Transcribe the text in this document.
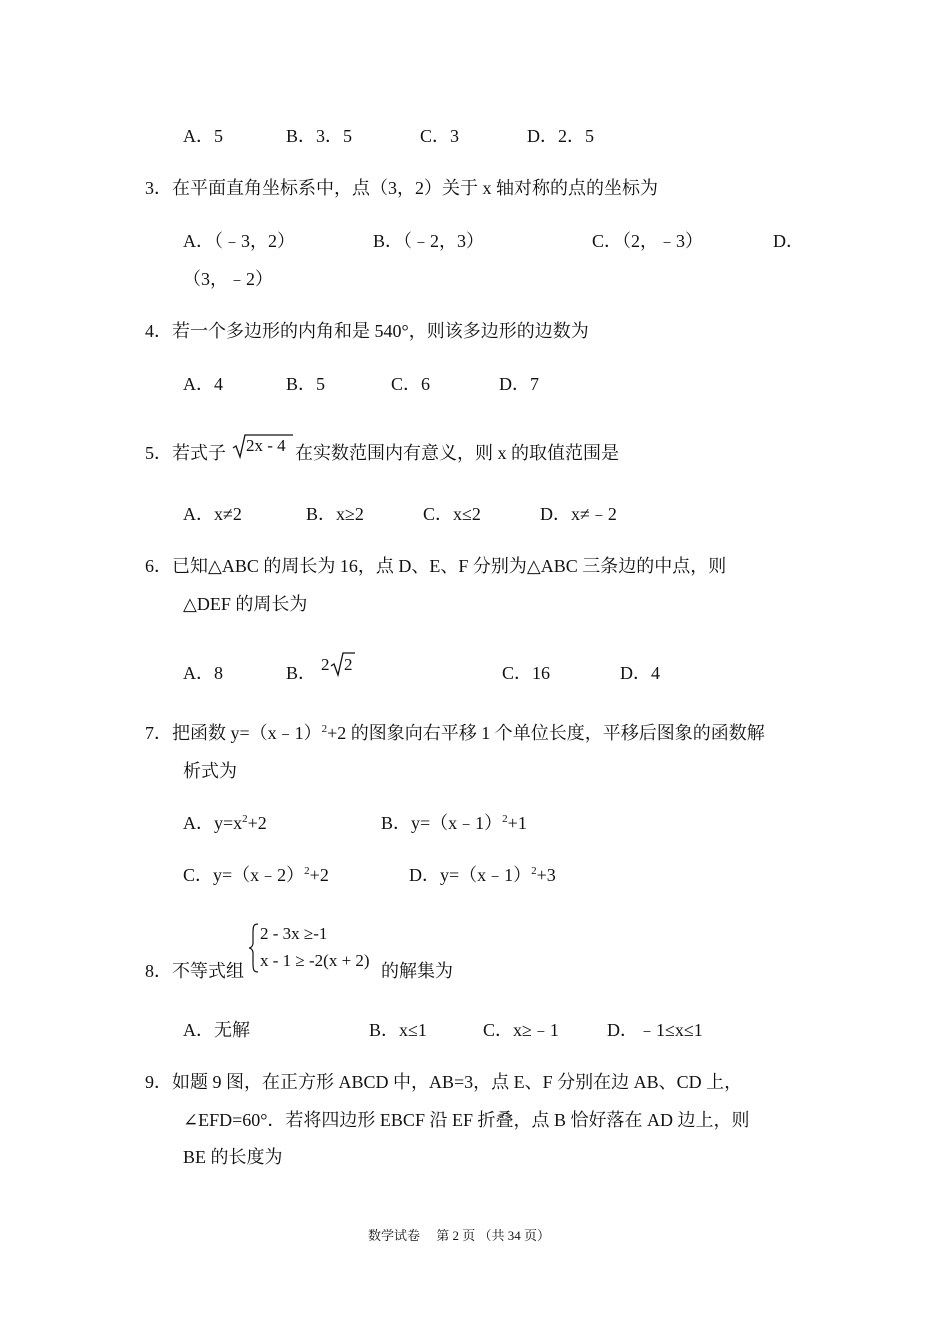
A．5	B．3．5	C．3	D．2．5
3．在平面直角坐标系中，点（3，2）关于 x 轴对称的点的坐标为
A．（﹣3，2）	B．（﹣2，3）	C．（2，﹣3）	D．
（3，﹣2）
4．若一个多边形的内角和是 540°，则该多边形的边数为
A．4	B．5	C．6	D．7
5．若式子 2x - 4 在实数范围内有意义，则 x 的取值范围是
A．x≠2	B．x≥2	C．x≤2	D．x≠﹣2
6．已知△ABC 的周长为 16，点 D、E、F 分别为△ABC 三条边的中点，则
△DEF 的周长为
A．8	B． 2 2	C．16	D．4
7．把函数 y=（x﹣1）$^2$+2 的图象向右平移 1 个单位长度，平移后图象的函数解
析式为
A．$y=x^2+2$	B．y=（x﹣1）$^2$+1
C．y=（x﹣2）$^2$+2	D．y=（x﹣1）$^2$+3
8．不等式组
2 - 3x ≥-1
x - 1 ≥ -2(x + 2)
的解集为
A．无解	B．x≤1	C．x≥﹣1	D．﹣1≤x≤1
9．如题 9 图，在正方形 ABCD 中，AB=3，点 E、F 分别在边 AB、CD 上，
∠EFD=60°．若将四边形 EBCF 沿 EF 折叠，点 B 恰好落在 AD 边上，则
BE 的长度为
数学试卷　 第 2 页 （共 34 页）
